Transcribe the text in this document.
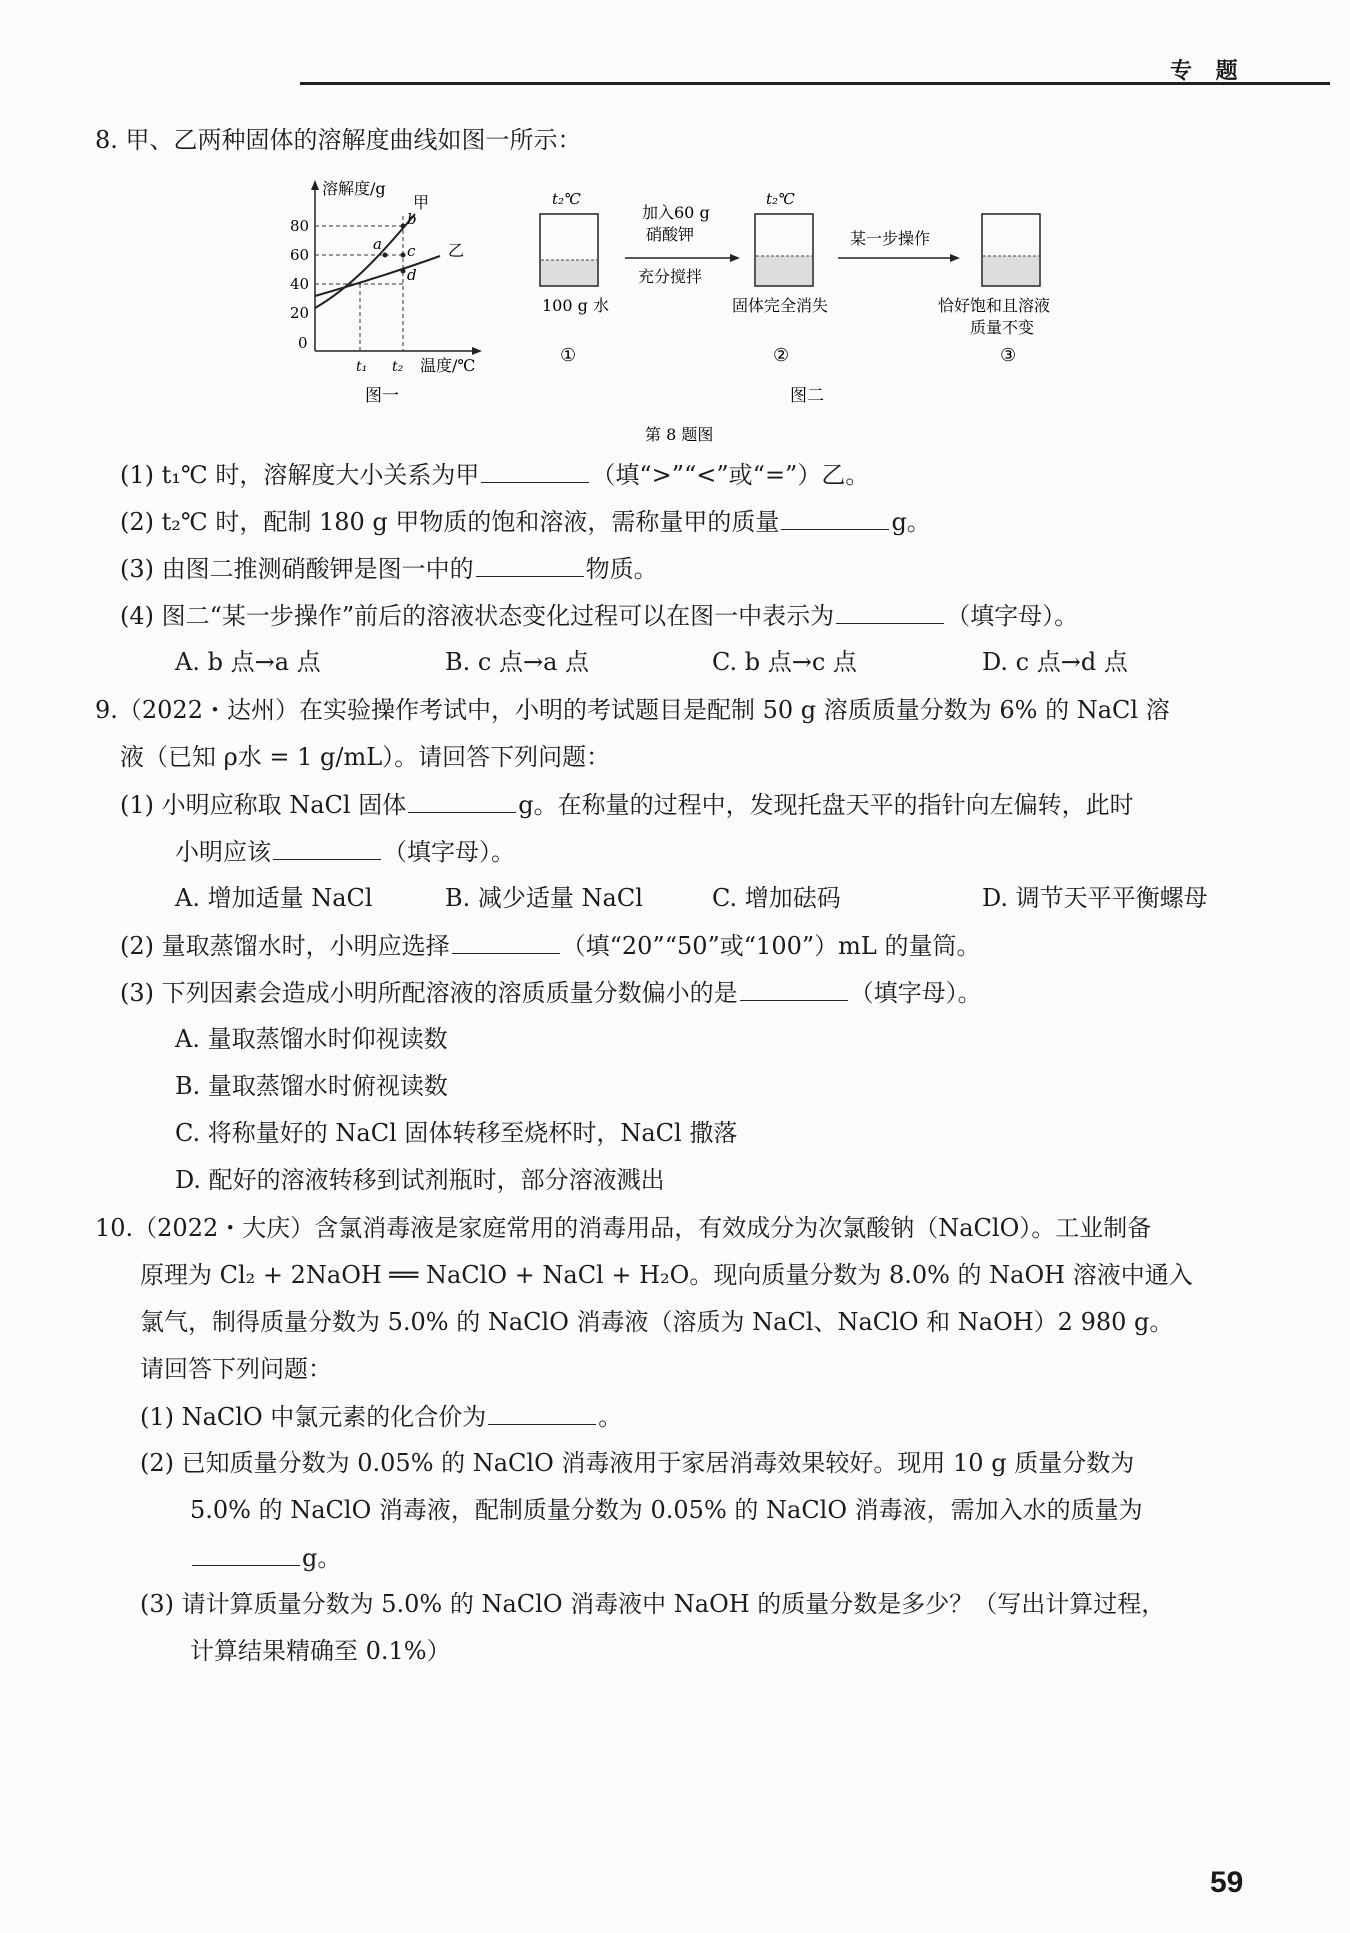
专 题
8. 甲、乙两种固体的溶解度曲线如图一所示：
溶解度/g
温度/℃
80
60
40
20
0
t₁ t₂
甲
乙
a
b
c
d
图一
t₂℃
100 g 水
①
加入60 g
硝酸钾
充分搅拌
t₂℃
固体完全消失
②
某一步操作
恰好饱和且溶液
质量不变
③
图二
第 8 题图
(1) t₁℃ 时，溶解度大小关系为甲	（填“>”“<”或“=”）乙。
(2) t₂℃ 时，配制 180 g 甲物质的饱和溶液，需称量甲的质量	g。
(3) 由图二推测硝酸钾是图一中的	物质。
(4) 图二“某一步操作”前后的溶液状态变化过程可以在图一中表示为	（填字母）。
A. b 点→a 点	B. c 点→a 点	C. b 点→c 点	D. c 点→d 点
9.（2022・达州）在实验操作考试中，小明的考试题目是配制 50 g 溶质质量分数为 6% 的 NaCl 溶
液（已知 ρ水 = 1 g/mL）。请回答下列问题：
(1) 小明应称取 NaCl 固体	g。在称量的过程中，发现托盘天平的指针向左偏转，此时
小明应该	（填字母）。
A. 增加适量 NaCl	B. 减少适量 NaCl	C. 增加砝码	D. 调节天平平衡螺母
(2) 量取蒸馏水时，小明应选择	（填“20”“50”或“100”）mL 的量筒。
(3) 下列因素会造成小明所配溶液的溶质质量分数偏小的是	（填字母）。
A. 量取蒸馏水时仰视读数
B. 量取蒸馏水时俯视读数
C. 将称量好的 NaCl 固体转移至烧杯时，NaCl 撒落
D. 配好的溶液转移到试剂瓶时，部分溶液溅出
10.（2022・大庆）含氯消毒液是家庭常用的消毒用品，有效成分为次氯酸钠（NaClO）。工业制备
原理为 Cl₂ + 2NaOH ══ NaClO + NaCl + H₂O。现向质量分数为 8.0% 的 NaOH 溶液中通入
氯气，制得质量分数为 5.0% 的 NaClO 消毒液（溶质为 NaCl、NaClO 和 NaOH）2 980 g。
请回答下列问题：
(1) NaClO 中氯元素的化合价为	。
(2) 已知质量分数为 0.05% 的 NaClO 消毒液用于家居消毒效果较好。现用 10 g 质量分数为
5.0% 的 NaClO 消毒液，配制质量分数为 0.05% 的 NaClO 消毒液，需加入水的质量为
g。
(3) 请计算质量分数为 5.0% 的 NaClO 消毒液中 NaOH 的质量分数是多少？（写出计算过程，
计算结果精确至 0.1%）
59
